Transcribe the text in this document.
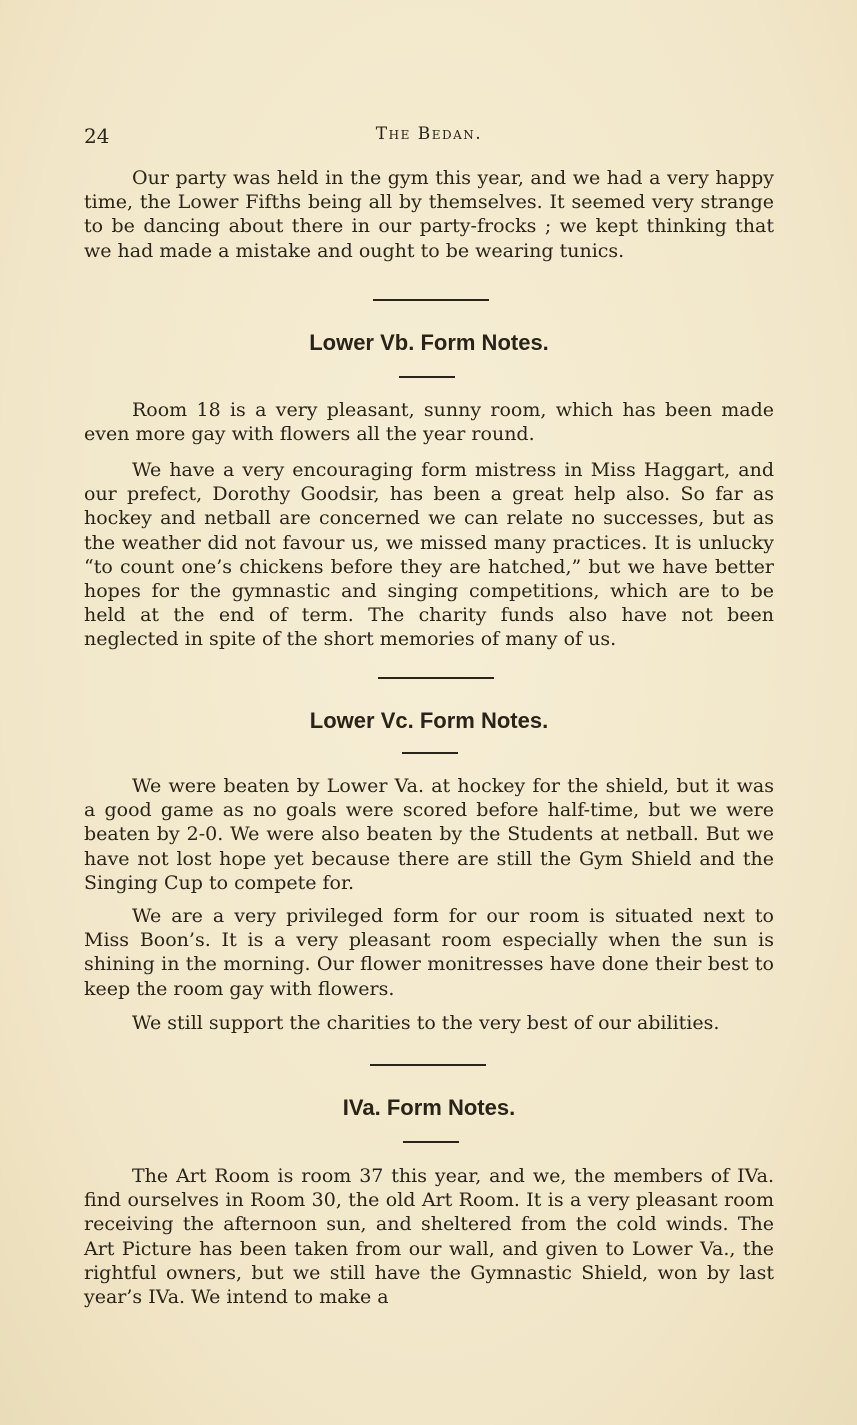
24	The Bedan.

Our party was held in the gym this year, and we had a very happy time, the Lower Fifths being all by themselves. It seemed very strange to be dancing about there in our party-frocks ; we kept thinking that we had made a mistake and ought to be wearing tunics.

Lower Vb. Form Notes.

Room 18 is a very pleasant, sunny room, which has been made even more gay with flowers all the year round.

We have a very encouraging form mistress in Miss Haggart, and our prefect, Dorothy Goodsir, has been a great help also. So far as hockey and netball are concerned we can relate no successes, but as the weather did not favour us, we missed many practices. It is unlucky “to count one’s chickens before they are hatched,” but we have better hopes for the gymnastic and singing competitions, which are to be held at the end of term. The charity funds also have not been neglected in spite of the short memories of many of us.

Lower Vc. Form Notes.

We were beaten by Lower Va. at hockey for the shield, but it was a good game as no goals were scored before half-time, but we were beaten by 2-0. We were also beaten by the Students at netball. But we have not lost hope yet because there are still the Gym Shield and the Singing Cup to compete for.

We are a very privileged form for our room is situated next to Miss Boon’s. It is a very pleasant room especially when the sun is shining in the morning. Our flower monitresses have done their best to keep the room gay with flowers.

We still support the charities to the very best of our abilities.

IVa. Form Notes.

The Art Room is room 37 this year, and we, the members of IVa. find ourselves in Room 30, the old Art Room. It is a very pleasant room receiving the afternoon sun, and sheltered from the cold winds. The Art Picture has been taken from our wall, and given to Lower Va., the rightful owners, but we still have the Gymnastic Shield, won by last year’s IVa. We intend to make a
